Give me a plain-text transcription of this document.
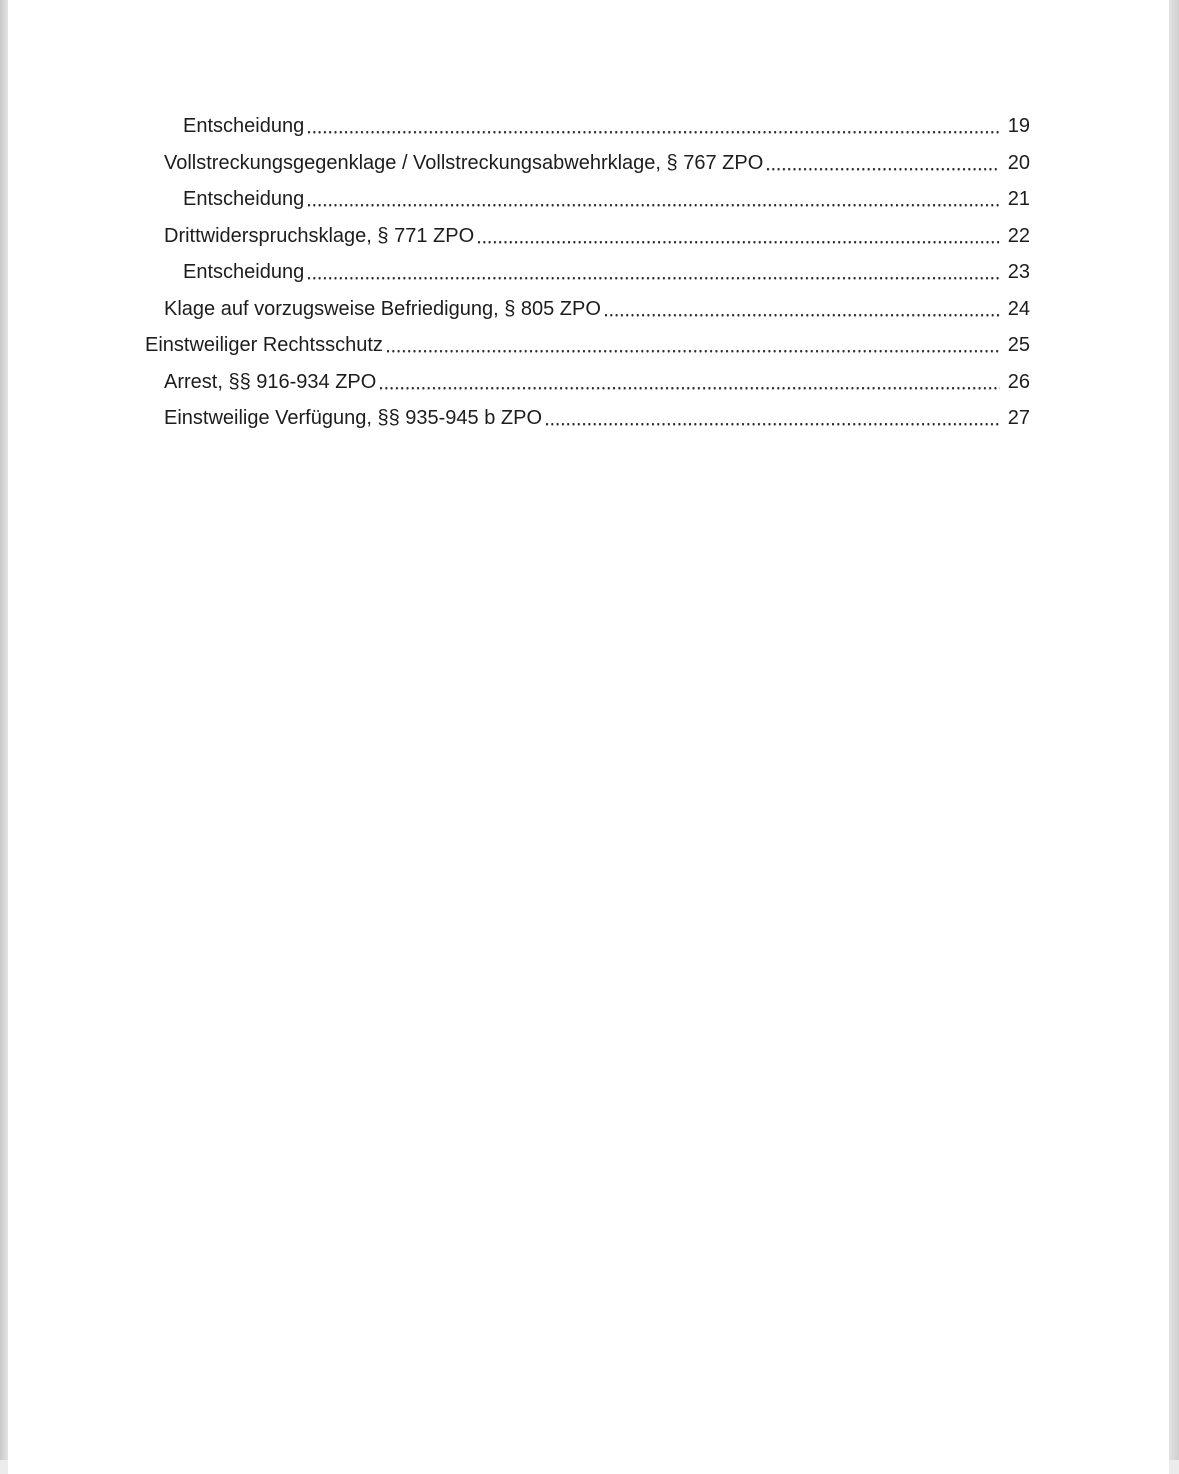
Entscheidung	19
Vollstreckungsgegenklage / Vollstreckungsabwehrklage, § 767 ZPO	20
Entscheidung	21
Drittwiderspruchsklage, § 771 ZPO	22
Entscheidung	23
Klage auf vorzugsweise Befriedigung, § 805 ZPO	24
Einstweiliger Rechtsschutz	25
Arrest, §§ 916-934 ZPO	26
Einstweilige Verfügung, §§ 935-945 b ZPO	27
